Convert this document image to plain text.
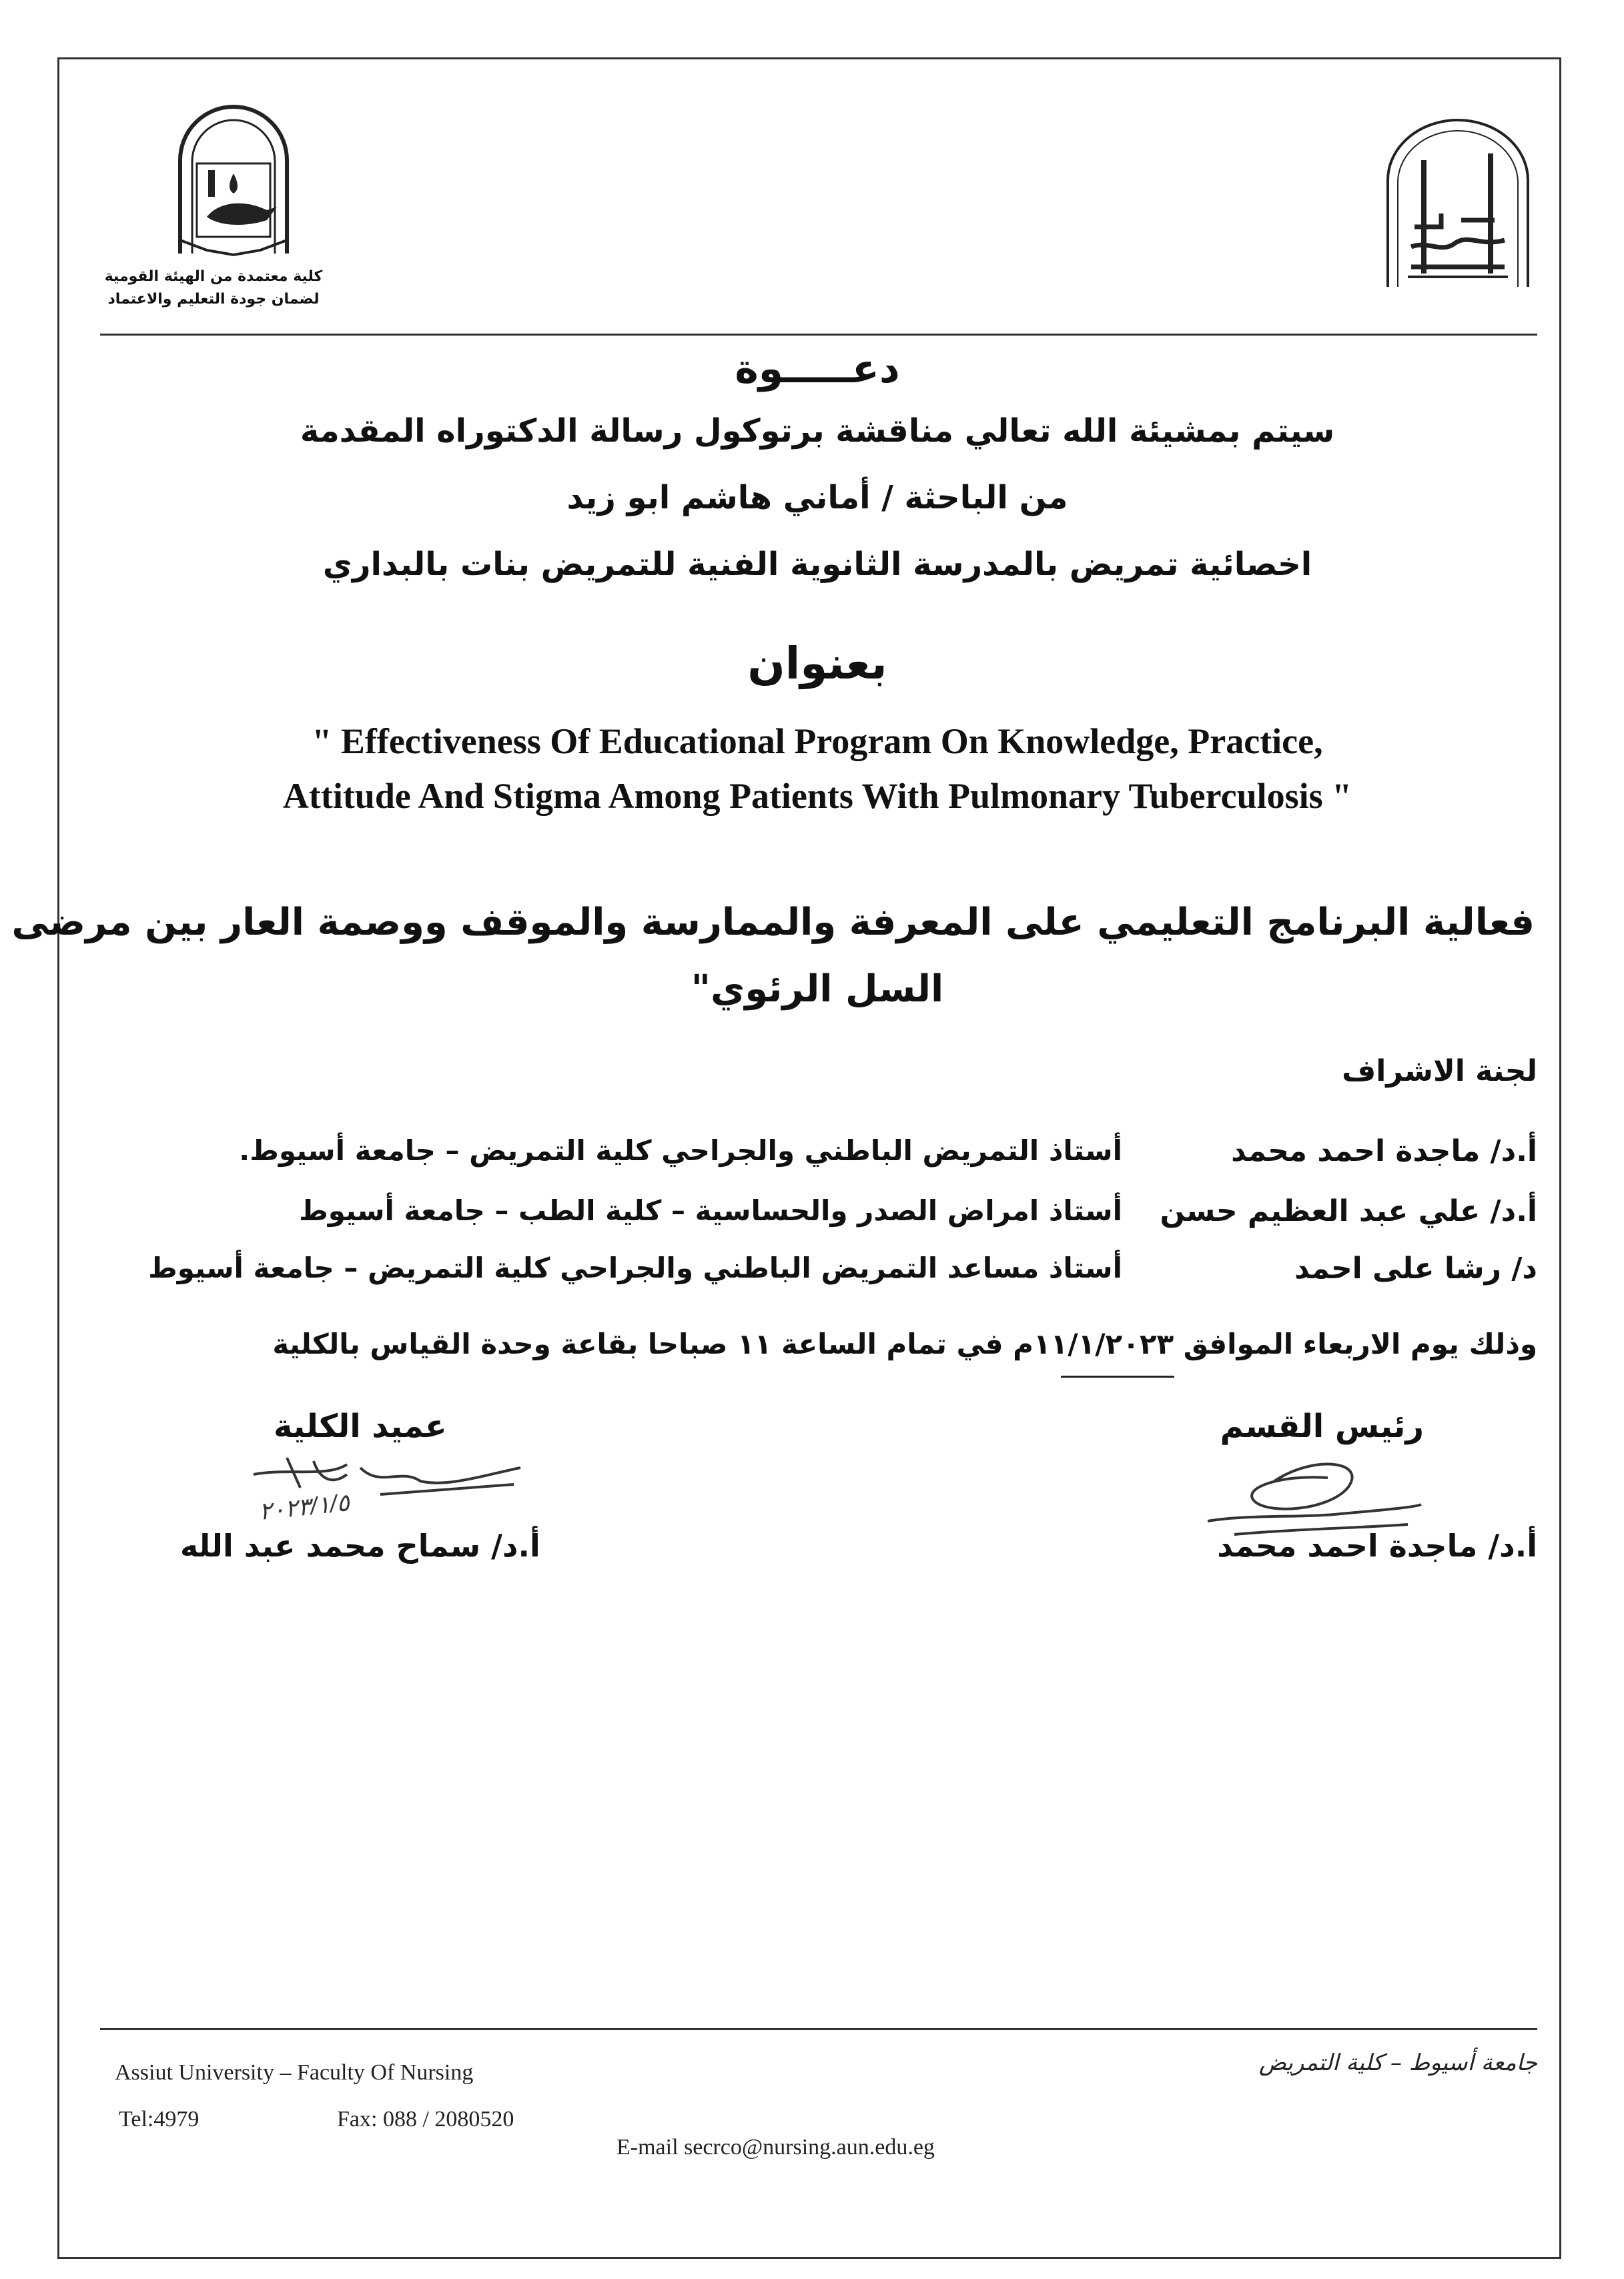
كلية معتمدة من الهيئة القومية
لضمان جودة التعليم والاعتماد
دعـــــوة
سيتم بمشيئة الله تعالي مناقشة برتوكول رسالة الدكتوراه المقدمة
من الباحثة / أماني هاشم ابو زيد
اخصائية تمريض بالمدرسة الثانوية الفنية للتمريض بنات بالبداري
بعنوان
" Effectiveness Of Educational Program On Knowledge, Practice,
Attitude And Stigma Among Patients With Pulmonary Tuberculosis "
فعالية البرنامج التعليمي على المعرفة والممارسة والموقف ووصمة العار بين مرضى
السل الرئوي"
لجنة الاشراف
أ.د/ ماجدة احمد محمد
أستاذ التمريض الباطني والجراحي كلية التمريض – جامعة أسيوط.
أ.د/ علي عبد العظيم حسن
أستاذ امراض الصدر والحساسية – كلية الطب – جامعة أسيوط
د/ رشا على احمد
أستاذ مساعد التمريض الباطني والجراحي كلية التمريض – جامعة أسيوط
وذلك يوم الاربعاء الموافق ١١/١/٢٠٢٣م في تمام الساعة ١١ صباحا بقاعة وحدة القياس بالكلية
رئيس القسم
عميد الكلية
٢٠٢٣/١/٥
أ.د/ ماجدة احمد محمد
أ.د/ سماح محمد عبد الله
Assiut University – Faculty Of Nursing
Tel:4979	Fax: 088 / 2080520
E-mail secrco@nursing.aun.edu.eg
جامعة أسيوط – كلية التمريض
